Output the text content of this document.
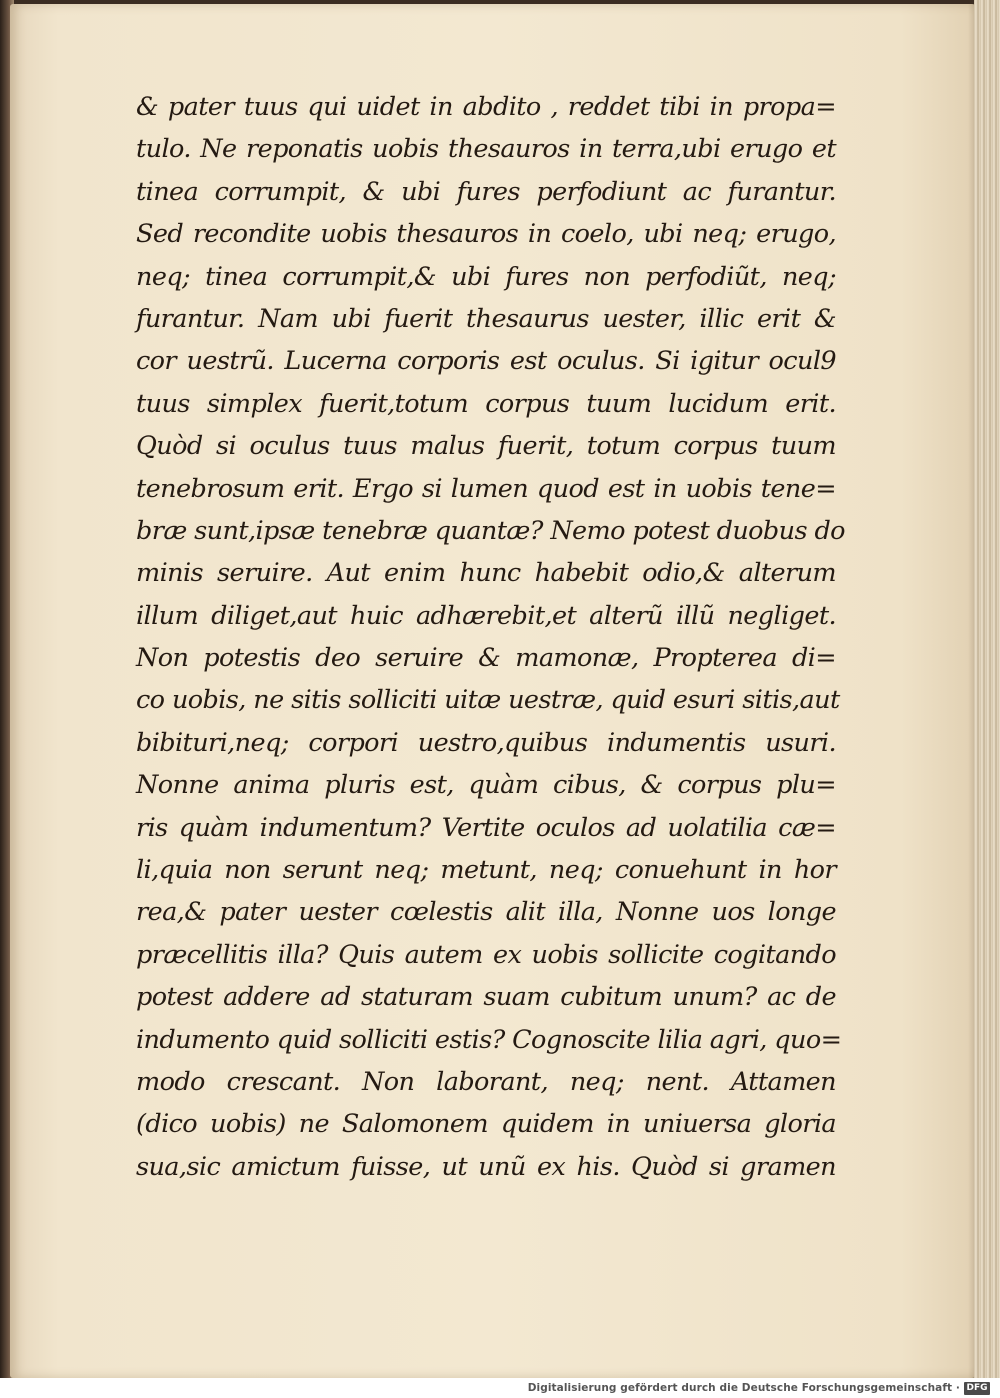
& pater tuus qui uidet in abdito , reddet tibi in propa=
tulo. Ne reponatis uobis thesauros in terra,ubi erugo et
tinea corrumpit, & ubi fures perfodiunt ac furantur.
Sed recondite uobis thesauros in coelo, ubi neq; erugo,
neq; tinea corrumpit,& ubi fures non perfodiũt, neq;
furantur. Nam ubi fuerit thesaurus uester, illic erit &
cor uestrũ. Lucerna corporis est oculus. Si igitur ocul9
tuus simplex fuerit,totum corpus tuum lucidum erit.
Quòd si oculus tuus malus fuerit, totum corpus tuum
tenebrosum erit. Ergo si lumen quod est in uobis tene=
bræ sunt,ipsæ tenebræ quantæ? Nemo potest duobus do
minis seruire. Aut enim hunc habebit odio,& alterum
illum diliget,aut huic adhærebit,et alterũ illũ negliget.
Non potestis deo seruire & mamonæ, Propterea di=
co uobis, ne sitis solliciti uitæ uestræ, quid esuri sitis,aut
bibituri,neq; corpori uestro,quibus indumentis usuri.
Nonne anima pluris est, quàm cibus, & corpus plu=
ris quàm indumentum? Vertite oculos ad uolatilia cæ=
li,quia non serunt neq; metunt, neq; conuehunt in hor
rea,& pater uester cœlestis alit illa, Nonne uos longe
præcellitis illa? Quis autem ex uobis sollicite cogitando
potest addere ad staturam suam cubitum unum? ac de
indumento quid solliciti estis? Cognoscite lilia agri, quo=
modo crescant. Non laborant, neq; nent. Attamen
(dico uobis) ne Salomonem quidem in uniuersa gloria
sua,sic amictum fuisse, ut unũ ex his. Quòd si gramen
Digitalisierung gefördert durch die Deutsche Forschungsgemeinschaft · DFG
